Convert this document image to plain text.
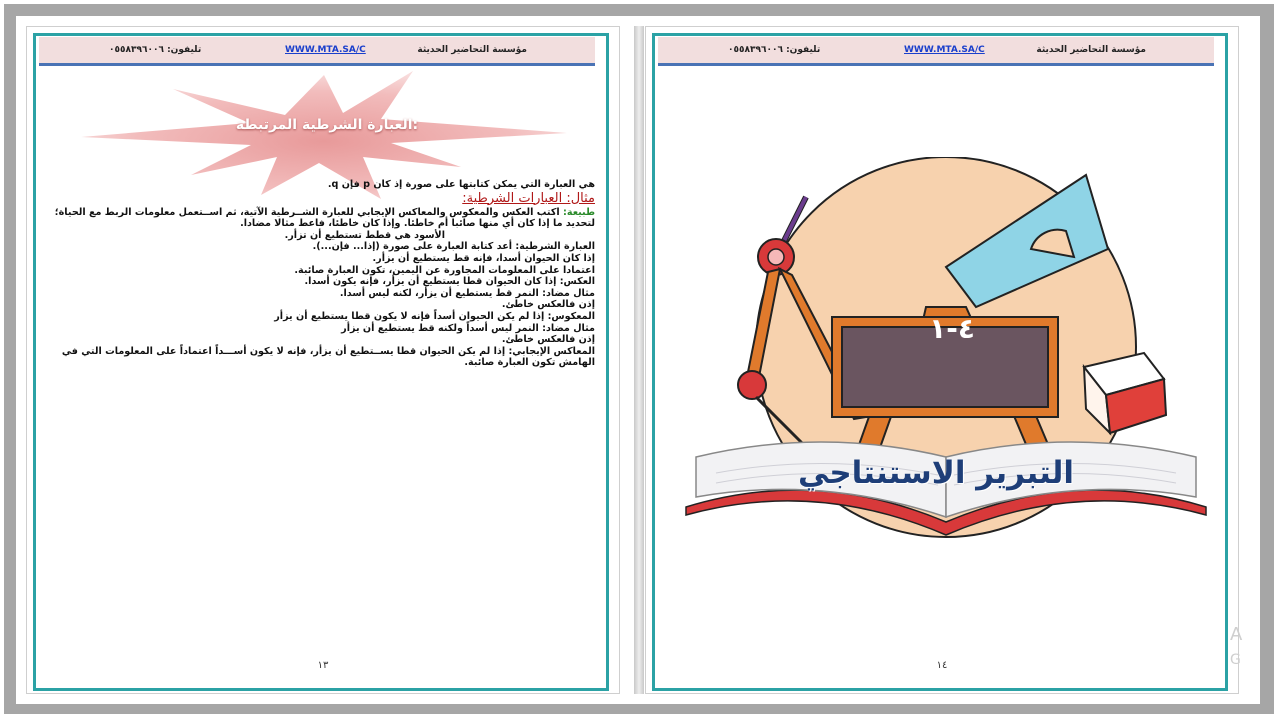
مؤسسة التحاضير الحديثة
WWW.MTA.SA/C
تليفون: ٠٥٥٨٣٩٦٠٠٦
العبارة الشرطية المرتبطة:

هي العبارة التي يمكن كتابتها على صورة إذ كان p فإن q.

مثال: العبارات الشرطية:

طبيعة: اكتب العكس والمعكوس والمعاكس الإيجابي للعبارة الشــرطية الآتية، ثم اســتعمل معلومات الربط مع الحياة؛

لتحديد ما إذا كان أي منها صائبا أم خاطئا. وإذا كان خاطئا، فاعط مثالا مضادا.

الأسود هي قطط تستطيع أن تزأر.

العبارة الشرطية: أعد كتابة العبارة على صورة (إذا... فإن...).

إذا كان الحيوان أسدا، فإنه قط يستطيع أن يزأر.

اعتمادا على المعلومات المجاورة عن اليمين، تكون العبارة صائبة.

العكس: إذا كان الحيوان قطا يستطيع أن يزأر، فإنه يكون أسدا.

مثال مضاد: النمر قط يستطيع أن يزأر، لكنه ليس أسدا.

إذن فالعكس خاطئ.

المعكوس: إذا لم يكن الحيوان أسداً فإنه لا يكون قطا يستطيع أن يزأر

مثال مضاد: النمر ليس أسداً ولكنه قط يستطيع أن يزأر

إذن فالعكس خاطئ.

المعاكس الإيجابي: إذا لم يكن الحيوان قطا يســتطيع أن يزأر، فإنه لا يكون أســـداً اعتماداً على المعلومات التي في الهامش تكون العبارة صائبة.

١٣
مؤسسة التحاضير الحديثة
WWW.MTA.SA/C
تليفون: ٠٥٥٨٣٩٦٠٠٦
٤-١
التبرير الاستنتاجي
١٤
A
G
